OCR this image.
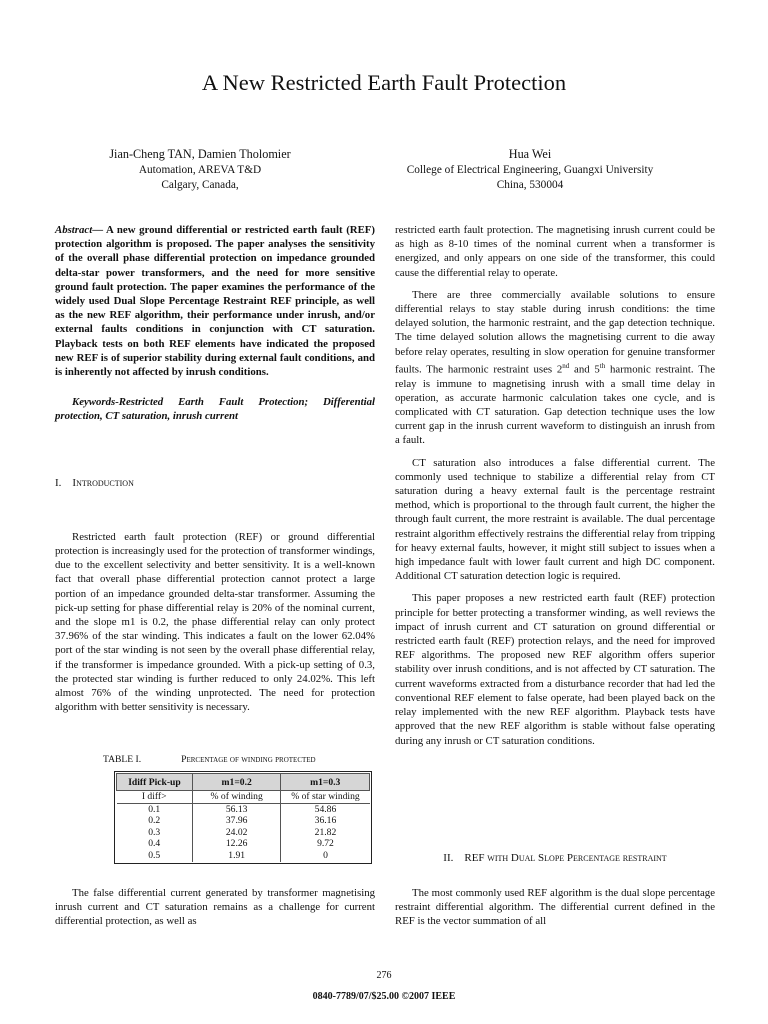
A New Restricted Earth Fault Protection
Jian-Cheng TAN, Damien Tholomier
Automation, AREVA T&D
Calgary, Canada,
Hua Wei
College of Electrical Engineering, Guangxi University
China, 530004

Abstract— A new ground differential or restricted earth fault (REF) protection algorithm is proposed. The paper analyses the sensitivity of the overall phase differential protection on impedance grounded delta-star power transformers, and the need for more sensitive ground fault protection. The paper examines the performance of the widely used Dual Slope Percentage Restraint REF principle, as well as the new REF algorithm, their performance under inrush, and/or external faults conditions in conjunction with CT saturation. Playback tests on both REF elements have indicated the proposed new REF is of superior stability during external fault conditions, and is inherently not affected by inrush conditions.

Keywords-Restricted Earth Fault Protection; Differential protection, CT saturation, inrush current

I. Introduction

Restricted earth fault protection (REF) or ground differential protection is increasingly used for the protection of transformer windings, due to the excellent selectivity and better sensitivity. It is a well-known fact that overall phase differential protection cannot protect a large portion of an impedance grounded delta-star transformer. Assuming the pick-up setting for phase differential relay is 20% of the nominal current, and the slope m1 is 0.2, the phase differential relay can only protect 37.96% of the star winding. This indicates a fault on the lower 62.04% port of the star winding is not seen by the overall phase differential relay, if the transformer is impedance grounded. With a pick-up setting of 0.3, the protected star winding is further reduced to only 24.02%. This left almost 76% of the winding unprotected. The need for protection algorithm with better sensitivity is necessary.

TABLE I.	Percentage of winding protected
Idiff Pick-up	m1=0.2	m1=0.3
I diff>	% of winding	% of star winding
0.1	56.13	54.86
0.2	37.96	36.16
0.3	24.02	21.82
0.4	12.26	9.72
0.5	1.91	0

The false differential current generated by transformer magnetising inrush current and CT saturation remains as a challenge for current differential protection, as well as

restricted earth fault protection. The magnetising inrush current could be as high as 8-10 times of the nominal current when a transformer is energized, and only appears on one side of the transformer, this could cause the differential relay to operate.

There are three commercially available solutions to ensure differential relays to stay stable during inrush conditions: the time delayed solution, the harmonic restraint, and the gap detection technique. The time delayed solution allows the magnetising current to die away before relay operates, resulting in slow operation for genuine transformer faults. The harmonic restraint uses 2nd and 5th harmonic restraint. The relay is immune to magnetising inrush with a small time delay in operation, as accurate harmonic calculation takes one cycle, and is complicated with CT saturation. Gap detection technique uses the low current gap in the inrush current waveform to distinguish an inrush from a fault.

CT saturation also introduces a false differential current. The commonly used technique to stabilize a differential relay from CT saturation during a heavy external fault is the percentage restraint method, which is proportional to the through fault current, the higher the through fault current, the more restraint is available. The dual percentage restraint algorithm effectively restrains the differential relay from tripping for heavy external faults, however, it might still subject to issues when a high impedance fault with lower fault current and high DC component. Additional CT saturation detection logic is required.

This paper proposes a new restricted earth fault (REF) protection principle for better protecting a transformer winding, as well reviews the impact of inrush current and CT saturation on ground differential or restricted earth fault (REF) protection relays, and the need for improved REF algorithms. The proposed new REF algorithm offers superior stability over inrush conditions, and is not affected by CT saturation. The current waveforms extracted from a disturbance recorder that had led the conventional REF element to false operate, had been played back on the relay implemented with the new REF algorithm. Playback tests have approved that the new REF algorithm is stable without false operating during any inrush or CT saturation conditions.

II. REF with Dual Slope Percentage restraint

The most commonly used REF algorithm is the dual slope percentage restraint differential algorithm. The differential current defined in the REF is the vector summation of all

276
0840-7789/07/$25.00 ©2007 IEEE
